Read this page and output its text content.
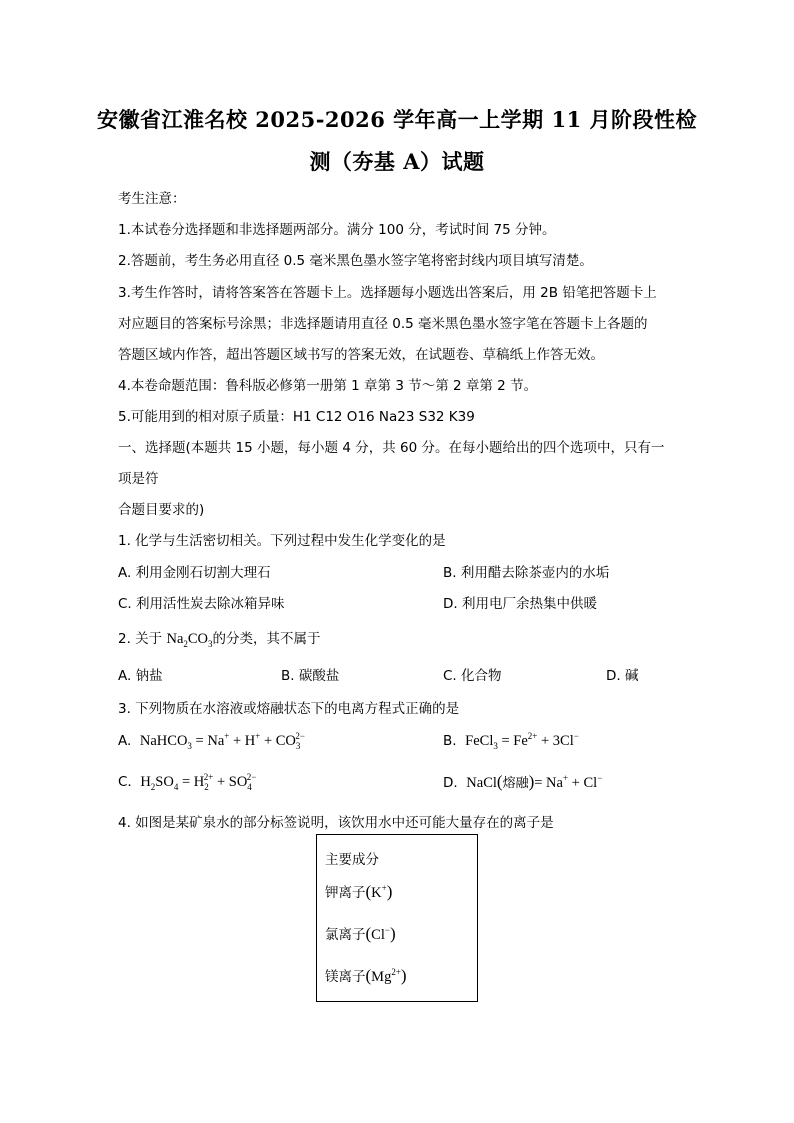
安徽省江淮名校 2025-2026 学年高一上学期 11 月阶段性检
测（夯基 A）试题
考生注意：
1.本试卷分选择题和非选择题两部分。满分 100 分，考试时间 75 分钟。
2.答题前，考生务必用直径 0.5 毫米黑色墨水签字笔将密封线内项目填写清楚。
3.考生作答时，请将答案答在答题卡上。选择题每小题选出答案后，用 2B 铅笔把答题卡上
对应题目的答案标号涂黑；非选择题请用直径 0.5 毫米黑色墨水签字笔在答题卡上各题的
答题区域内作答，超出答题区域书写的答案无效，在试题卷、草稿纸上作答无效。
4.本卷命题范围：鲁科版必修第一册第 1 章第 3 节～第 2 章第 2 节。
5.可能用到的相对原子质量：H1 C12 O16 Na23 S32 K39
一、选择题(本题共 15 小题，每小题 4 分，共 60 分。在每小题给出的四个选项中，只有一
项是符
合题目要求的)
1. 化学与生活密切相关。下列过程中发生化学变化的是
A. 利用金刚石切割大理石	B. 利用醋去除茶壶内的水垢
C. 利用活性炭去除冰箱异味	D. 利用电厂余热集中供暖
2. 关于 $Na_2CO_3$的分类，其不属于
A. 钠盐	B. 碳酸盐	C. 化合物	D. 碱
3. 下列物质在水溶液或熔融状态下的电离方程式正确的是
A. NaHCO$_3$ = $Na^+ + H^+ + CO_3^{2-}$	B. FeCl$_3$ = $Fe^{2+} + 3Cl^-$
C. $H_2SO_4 = H_2^{2+} + SO_4^{2-}$	D. NaCl(熔融)= Na+ + Cl−
4. 如图是某矿泉水的部分标签说明，该饮用水中还可能大量存在的离子是
主要成分
钾离子(K+)
氯离子(Cl−)
镁离子$(Mg^{2+})$
